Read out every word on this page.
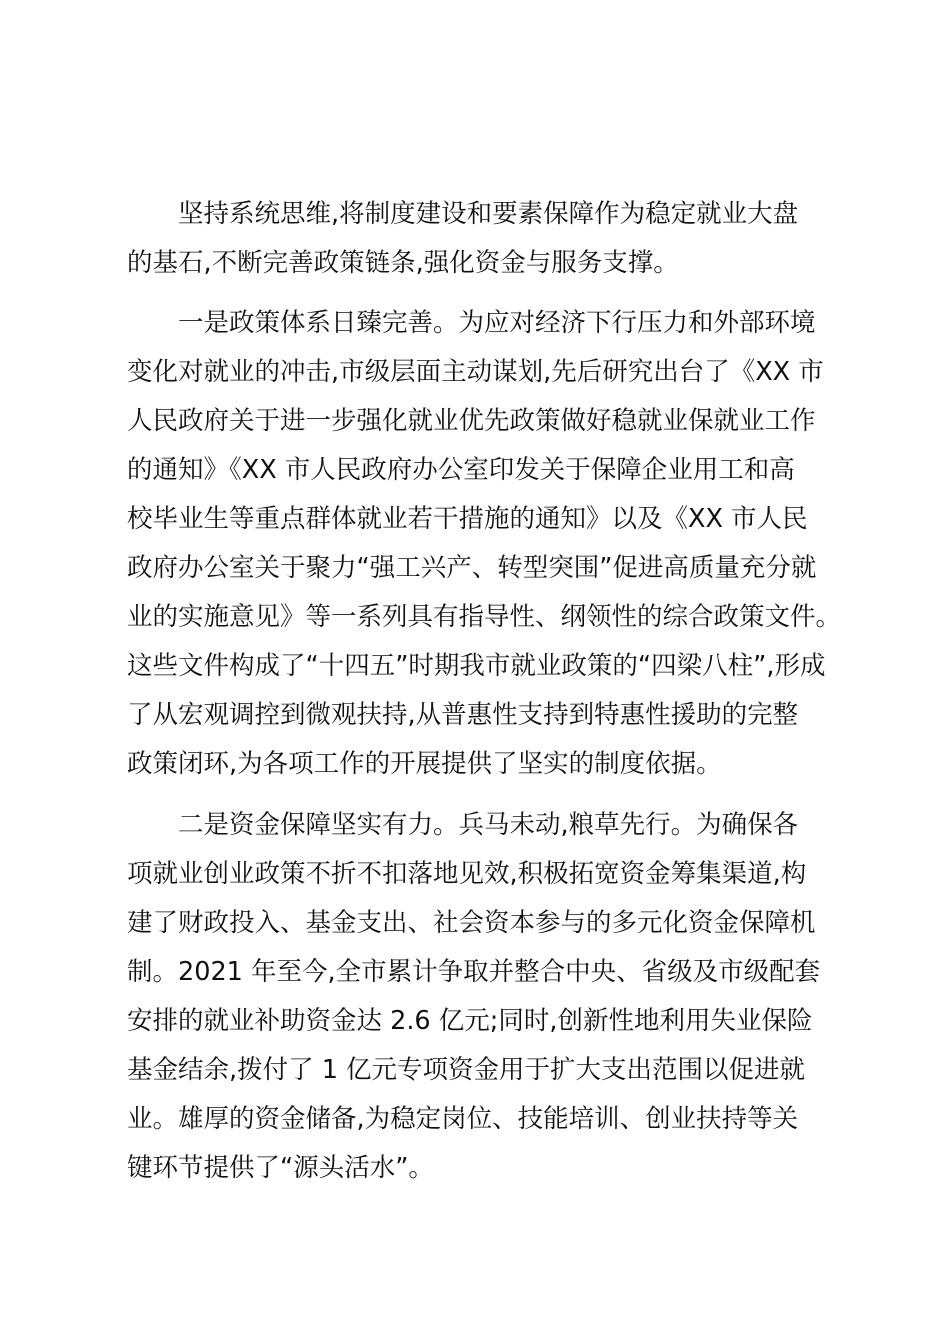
坚持系统思维,将制度建设和要素保障作为稳定就业大盘
的基石,不断完善政策链条,强化资金与服务支撑。
一是政策体系日臻完善。为应对经济下行压力和外部环境
变化对就业的冲击,市级层面主动谋划,先后研究出台了《XX 市
人民政府关于进一步强化就业优先政策做好稳就业保就业工作
的通知》《XX 市人民政府办公室印发关于保障企业用工和高
校毕业生等重点群体就业若干措施的通知》以及《XX 市人民
政府办公室关于聚力“强工兴产、转型突围”促进高质量充分就
业的实施意见》等一系列具有指导性、纲领性的综合政策文件。
这些文件构成了“十四五”时期我市就业政策的“四梁八柱”,形成
了从宏观调控到微观扶持,从普惠性支持到特惠性援助的完整
政策闭环,为各项工作的开展提供了坚实的制度依据。
二是资金保障坚实有力。兵马未动,粮草先行。为确保各
项就业创业政策不折不扣落地见效,积极拓宽资金筹集渠道,构
建了财政投入、基金支出、社会资本参与的多元化资金保障机
制。2021 年至今,全市累计争取并整合中央、省级及市级配套
安排的就业补助资金达 2.6 亿元;同时,创新性地利用失业保险
基金结余,拨付了 1 亿元专项资金用于扩大支出范围以促进就
业。雄厚的资金储备,为稳定岗位、技能培训、创业扶持等关
键环节提供了“源头活水”。
